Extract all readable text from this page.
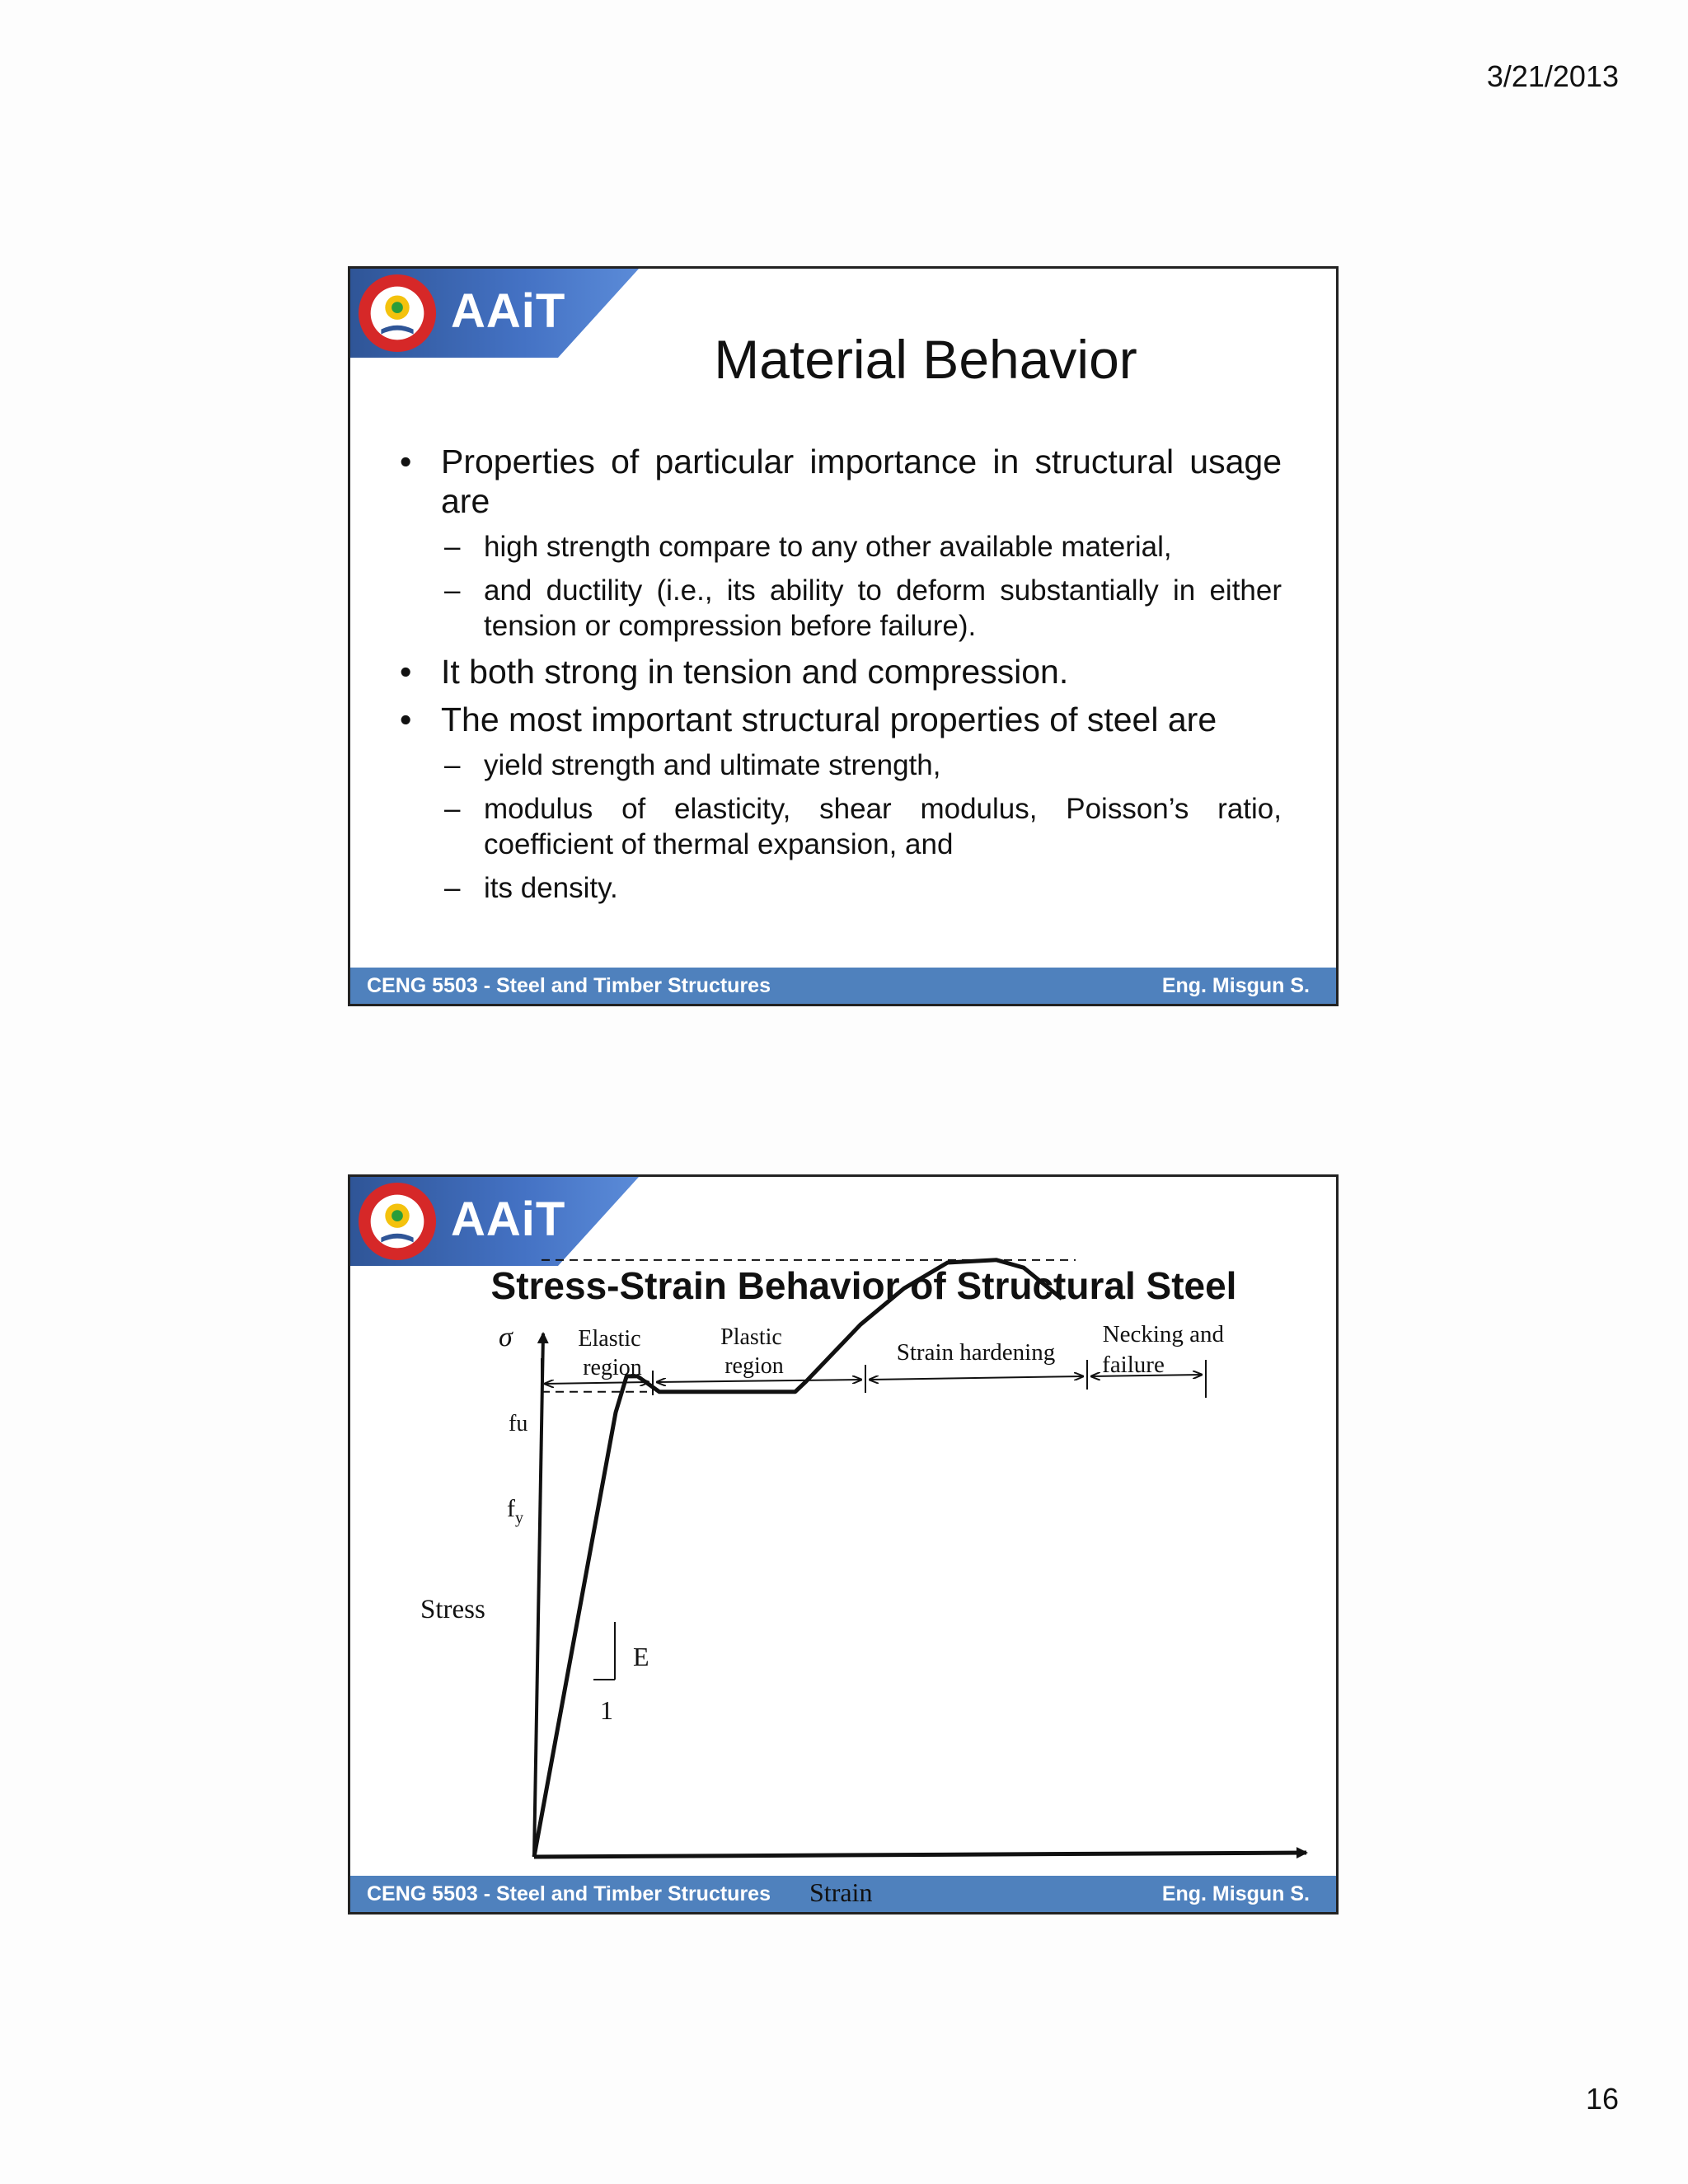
3/21/2013
AAiT
Material Behavior
• Properties of particular importance in structural usage are
– high strength compare to any other available material,
– and ductility (i.e., its ability to deform substantially in either tension or compression before failure).
• It both strong in tension and compression.
• The most important structural properties of steel are
– yield strength and ultimate strength,
– modulus of elasticity, shear modulus, Poisson’s ratio, coefficient of thermal expansion, and
– its density.
CENG 5503 - Steel and Timber Structures	Eng. Misgun S.
AAiT
Stress-Strain Behavior of Structural Steel
σ	Elastic region
Plastic region
Strain hardening
Necking and failure
fu
$f_y$
Stress
E
1
CENG 5503 - Steel and Timber Structures Strain	Eng. Misgun S.
16
